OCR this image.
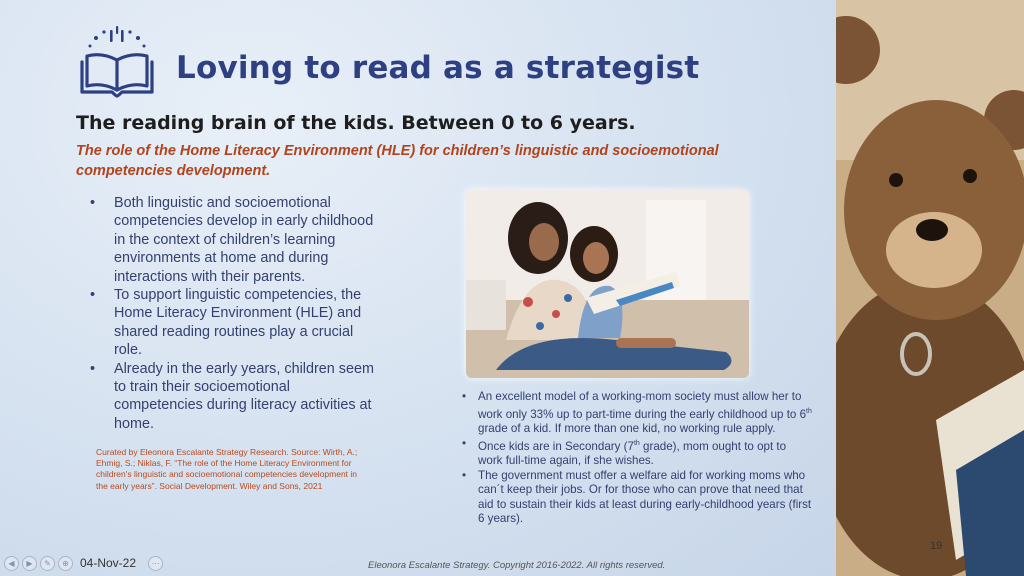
Loving to read as a strategist
The reading brain of the kids. Between 0 to 6 years.

The role of the Home Literacy Environment (HLE) for children’s linguistic and socioemotional competencies development.

• Both linguistic and socioemotional competencies develop in early childhood in the context of children’s learning environments at home and during interactions with their parents.
• To support linguistic competencies, the Home Literacy Environment (HLE) and shared reading routines play a crucial role.
• Already in the early years, children seem to train their socioemotional competencies during literacy activities at home.

Curated by Eleonora Escalante Strategy Research. Source: Wirth, A.; Ehmig, S.; Niklas, F. “The role of the Home Literacy Environment for children's linguistic and socioemotional competencies development in the early years”. Social Development. Wiley and Sons, 2021

• An excellent model of a working-mom society must allow her to work only 33% up to part-time during the early childhood up to 6th grade of a kid. If more than one kid, no working rule apply.
• Once kids are in Secondary (7th grade), mom ought to opt to work full-time again, if she wishes.
• The government must offer a welfare aid for working moms who can´t keep their jobs. Or for those who can prove that need that aid to sustain their kids at least during early-childhood years (first 6 years).
◀	▶	✎	⊕	⋯
04-Nov-22	Eleonora Escalante Strategy. Copyright 2016-2022. All rights reserved.
19
